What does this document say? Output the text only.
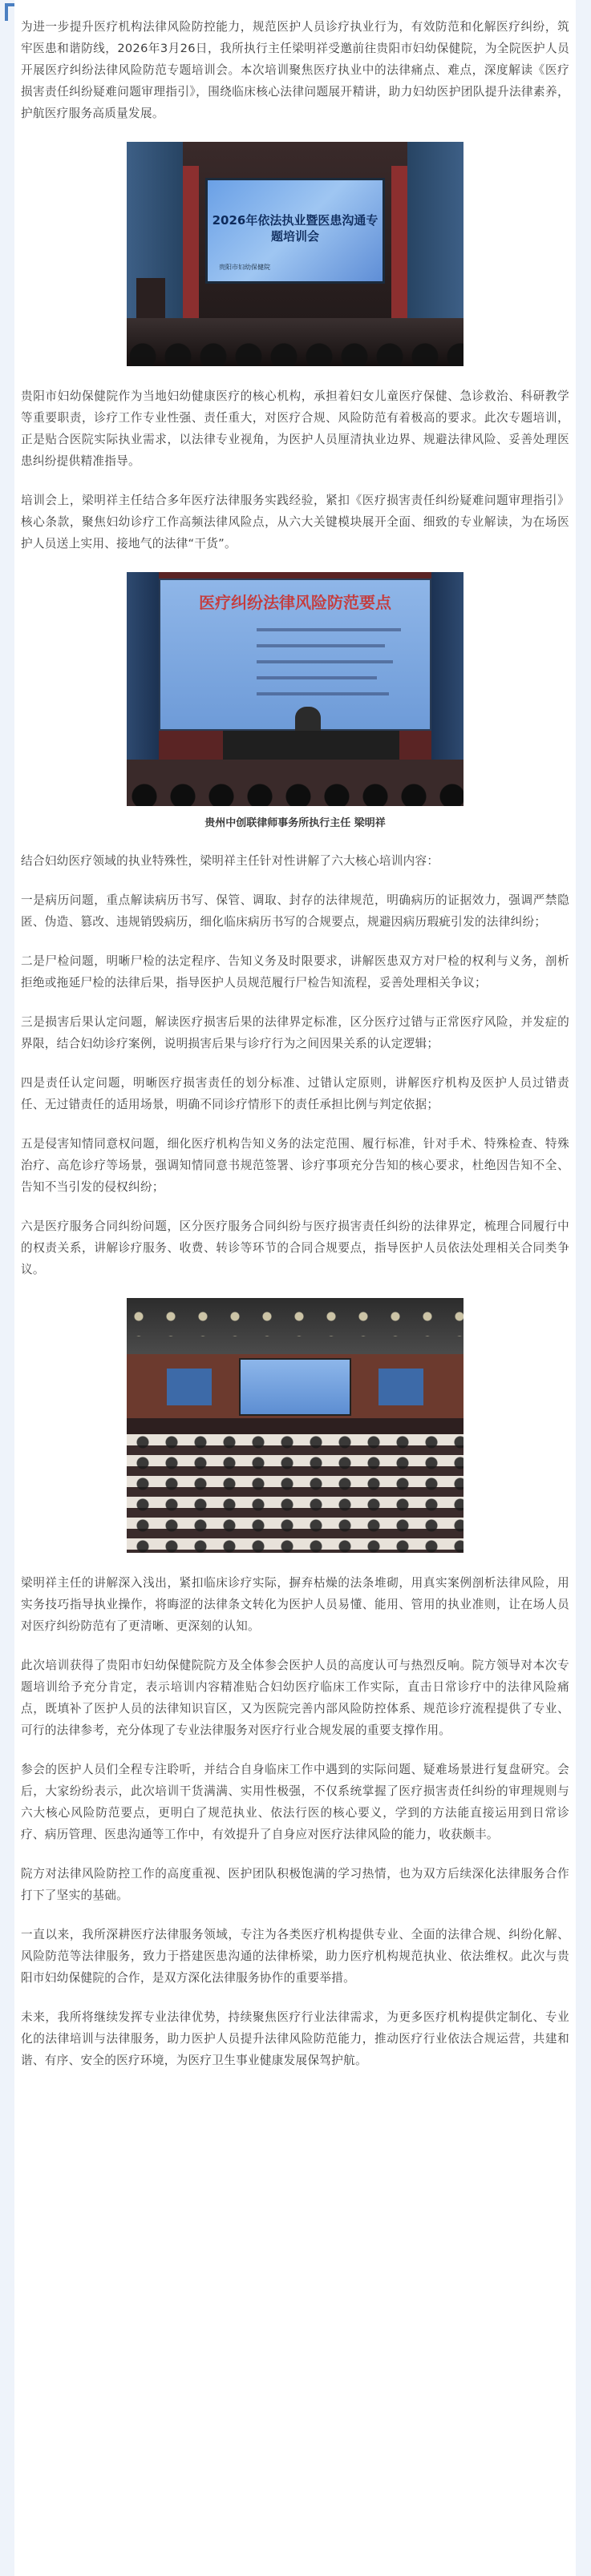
为进一步提升医疗机构法律风险防控能力，规范医护人员诊疗执业行为，有效防范和化解医疗纠纷，筑牢医患和谐防线，2026年3月26日，我所执行主任梁明祥受邀前往贵阳市妇幼保健院，为全院医护人员开展医疗纠纷法律风险防范专题培训会。本次培训聚焦医疗执业中的法律痛点、难点，深度解读《医疗损害责任纠纷疑难问题审理指引》，围绕临床核心法律问题展开精讲，助力妇幼医护团队提升法律素养，护航医疗服务高质量发展。

2026年依法执业暨医患沟通专题培训会
贵阳市妇幼保健院

贵阳市妇幼保健院作为当地妇幼健康医疗的核心机构，承担着妇女儿童医疗保健、急诊救治、科研教学等重要职责，诊疗工作专业性强、责任重大，对医疗合规、风险防范有着极高的要求。此次专题培训，正是贴合医院实际执业需求，以法律专业视角，为医护人员厘清执业边界、规避法律风险、妥善处理医患纠纷提供精准指导。

培训会上，梁明祥主任结合多年医疗法律服务实践经验，紧扣《医疗损害责任纠纷疑难问题审理指引》核心条款，聚焦妇幼诊疗工作高频法律风险点，从六大关键模块展开全面、细致的专业解读，为在场医护人员送上实用、接地气的法律“干货”。

医疗纠纷法律风险防范要点
贵州中创联律师事务所执行主任 梁明祥

结合妇幼医疗领域的执业特殊性，梁明祥主任针对性讲解了六大核心培训内容：

一是病历问题，重点解读病历书写、保管、调取、封存的法律规范，明确病历的证据效力，强调严禁隐匿、伪造、篡改、违规销毁病历，细化临床病历书写的合规要点，规避因病历瑕疵引发的法律纠纷；

二是尸检问题，明晰尸检的法定程序、告知义务及时限要求，讲解医患双方对尸检的权利与义务，剖析拒绝或拖延尸检的法律后果，指导医护人员规范履行尸检告知流程，妥善处理相关争议；

三是损害后果认定问题，解读医疗损害后果的法律界定标准，区分医疗过错与正常医疗风险，并发症的界限，结合妇幼诊疗案例，说明损害后果与诊疗行为之间因果关系的认定逻辑；

四是责任认定问题，明晰医疗损害责任的划分标准、过错认定原则，讲解医疗机构及医护人员过错责任、无过错责任的适用场景，明确不同诊疗情形下的责任承担比例与判定依据；

五是侵害知情同意权问题，细化医疗机构告知义务的法定范围、履行标准，针对手术、特殊检查、特殊治疗、高危诊疗等场景，强调知情同意书规范签署、诊疗事项充分告知的核心要求，杜绝因告知不全、告知不当引发的侵权纠纷；

六是医疗服务合同纠纷问题，区分医疗服务合同纠纷与医疗损害责任纠纷的法律界定，梳理合同履行中的权责关系，讲解诊疗服务、收费、转诊等环节的合同合规要点，指导医护人员依法处理相关合同类争议。

梁明祥主任的讲解深入浅出，紧扣临床诊疗实际，摒弃枯燥的法条堆砌，用真实案例剖析法律风险，用实务技巧指导执业操作，将晦涩的法律条文转化为医护人员易懂、能用、管用的执业准则，让在场人员对医疗纠纷防范有了更清晰、更深刻的认知。

此次培训获得了贵阳市妇幼保健院院方及全体参会医护人员的高度认可与热烈反响。院方领导对本次专题培训给予充分肯定，表示培训内容精准贴合妇幼医疗临床工作实际，直击日常诊疗中的法律风险痛点，既填补了医护人员的法律知识盲区，又为医院完善内部风险防控体系、规范诊疗流程提供了专业、可行的法律参考，充分体现了专业法律服务对医疗行业合规发展的重要支撑作用。

参会的医护人员们全程专注聆听，并结合自身临床工作中遇到的实际问题、疑难场景进行复盘研究。会后，大家纷纷表示，此次培训干货满满、实用性极强，不仅系统掌握了医疗损害责任纠纷的审理规则与六大核心风险防范要点，更明白了规范执业、依法行医的核心要义，学到的方法能直接运用到日常诊疗、病历管理、医患沟通等工作中，有效提升了自身应对医疗法律风险的能力，收获颇丰。

院方对法律风险防控工作的高度重视、医护团队积极饱满的学习热情，也为双方后续深化法律服务合作打下了坚实的基础。

一直以来，我所深耕医疗法律服务领域，专注为各类医疗机构提供专业、全面的法律合规、纠纷化解、风险防范等法律服务，致力于搭建医患沟通的法律桥梁，助力医疗机构规范执业、依法维权。此次与贵阳市妇幼保健院的合作，是双方深化法律服务协作的重要举措。

未来，我所将继续发挥专业法律优势，持续聚焦医疗行业法律需求，为更多医疗机构提供定制化、专业化的法律培训与法律服务，助力医护人员提升法律风险防范能力，推动医疗行业依法合规运营，共建和谐、有序、安全的医疗环境，为医疗卫生事业健康发展保驾护航。
